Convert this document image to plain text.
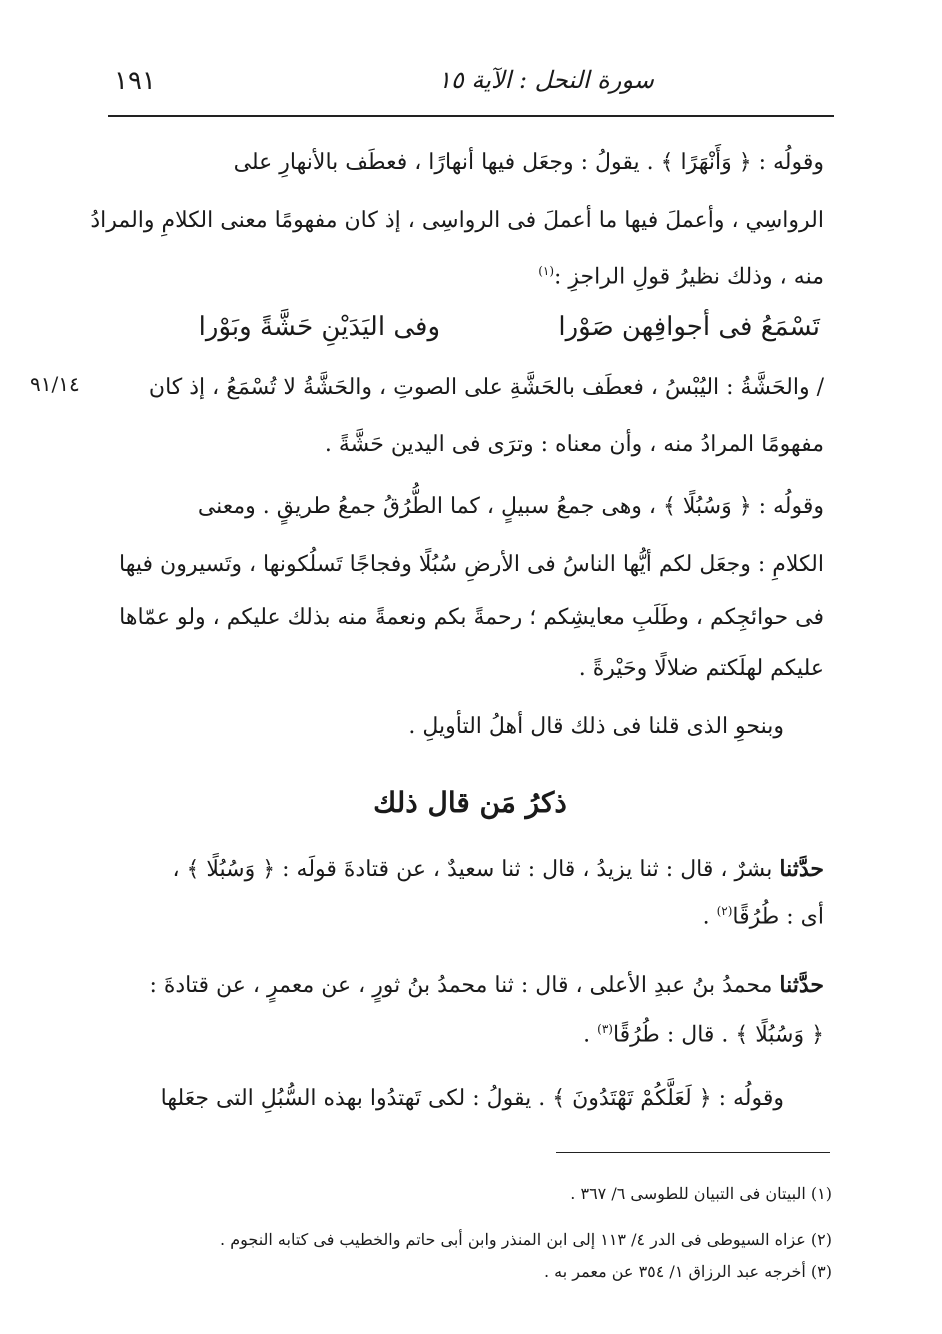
١٩١	سورة النحل : الآية ١٥
وقولُه : ﴿ وَأَنْهَرًا ﴾ . يقولُ : وجعَل فيها أنهارًا ، فعطَف بالأنهارِ على
الرواسِي ، وأعملَ فيها ما أعملَ فى الرواسِى ، إذ كان مفهومًا معنى الكلامِ والمرادُ
منه ، وذلك نظيرُ قولِ الراجزِ :$^{(١)}$
تَسْمَعُ فى أجوافِهن صَوْرا
وفى اليَدَيْنِ حَشَّةً وبَوْرا
٩١/١٤	/ والحَشَّةُ : اليُبْسُ ، فعطَف بالحَشَّةِ على الصوتِ ، والحَشَّةُ لا تُسْمَعُ ، إذ كان
مفهومًا المرادُ منه ، وأن معناه : وترَى فى اليدين حَشَّةً .
وقولُه : ﴿ وَسُبُلًا ﴾ ، وهى جمعُ سبيلٍ ، كما الطُّرُقُ جمعُ طريقٍ . ومعنى
الكلامِ : وجعَل لكم أيُّها الناسُ فى الأرضِ سُبُلًا وفجاجًا تَسلُكونها ، وتَسيرون فيها
فى حوائجِكم ، وطَلَبِ معايشِكم ؛ رحمةً بكم ونعمةً منه بذلك عليكم ، ولو عمّاها
عليكم لهلَكتم ضلالًا وحَيْرةً .
وبنحوِ الذى قلنا فى ذلك قال أهلُ التأويلِ .
ذكرُ مَن قال ذلك
حدَّثنا بشرٌ ، قال : ثنا يزيدُ ، قال : ثنا سعيدٌ ، عن قتادةَ قولَه : ﴿ وَسُبُلًا ﴾ ،
أى : طُرُقًا$^{(٢)}$ .
حدَّثنا محمدُ بنُ عبدِ الأعلى ، قال : ثنا محمدُ بنُ ثورٍ ، عن معمرٍ ، عن قتادةَ :
﴿ وَسُبُلًا ﴾ . قال : طُرُقًا$^{(٣)}$ .
وقولُه : ﴿ لَعَلَّكُمْ تَهْتَدُونَ ﴾ . يقولُ : لكى تَهتدُوا بهذه السُّبُلِ التى جعَلها
(١) البيتان فى التبيان للطوسى ٦/ ٣٦٧ .
(٢) عزاه السيوطى فى الدر ٤/ ١١٣ إلى ابن المنذر وابن أبى حاتم والخطيب فى كتابه النجوم .
(٣) أخرجه عبد الرزاق ١/ ٣٥٤ عن معمر به .
